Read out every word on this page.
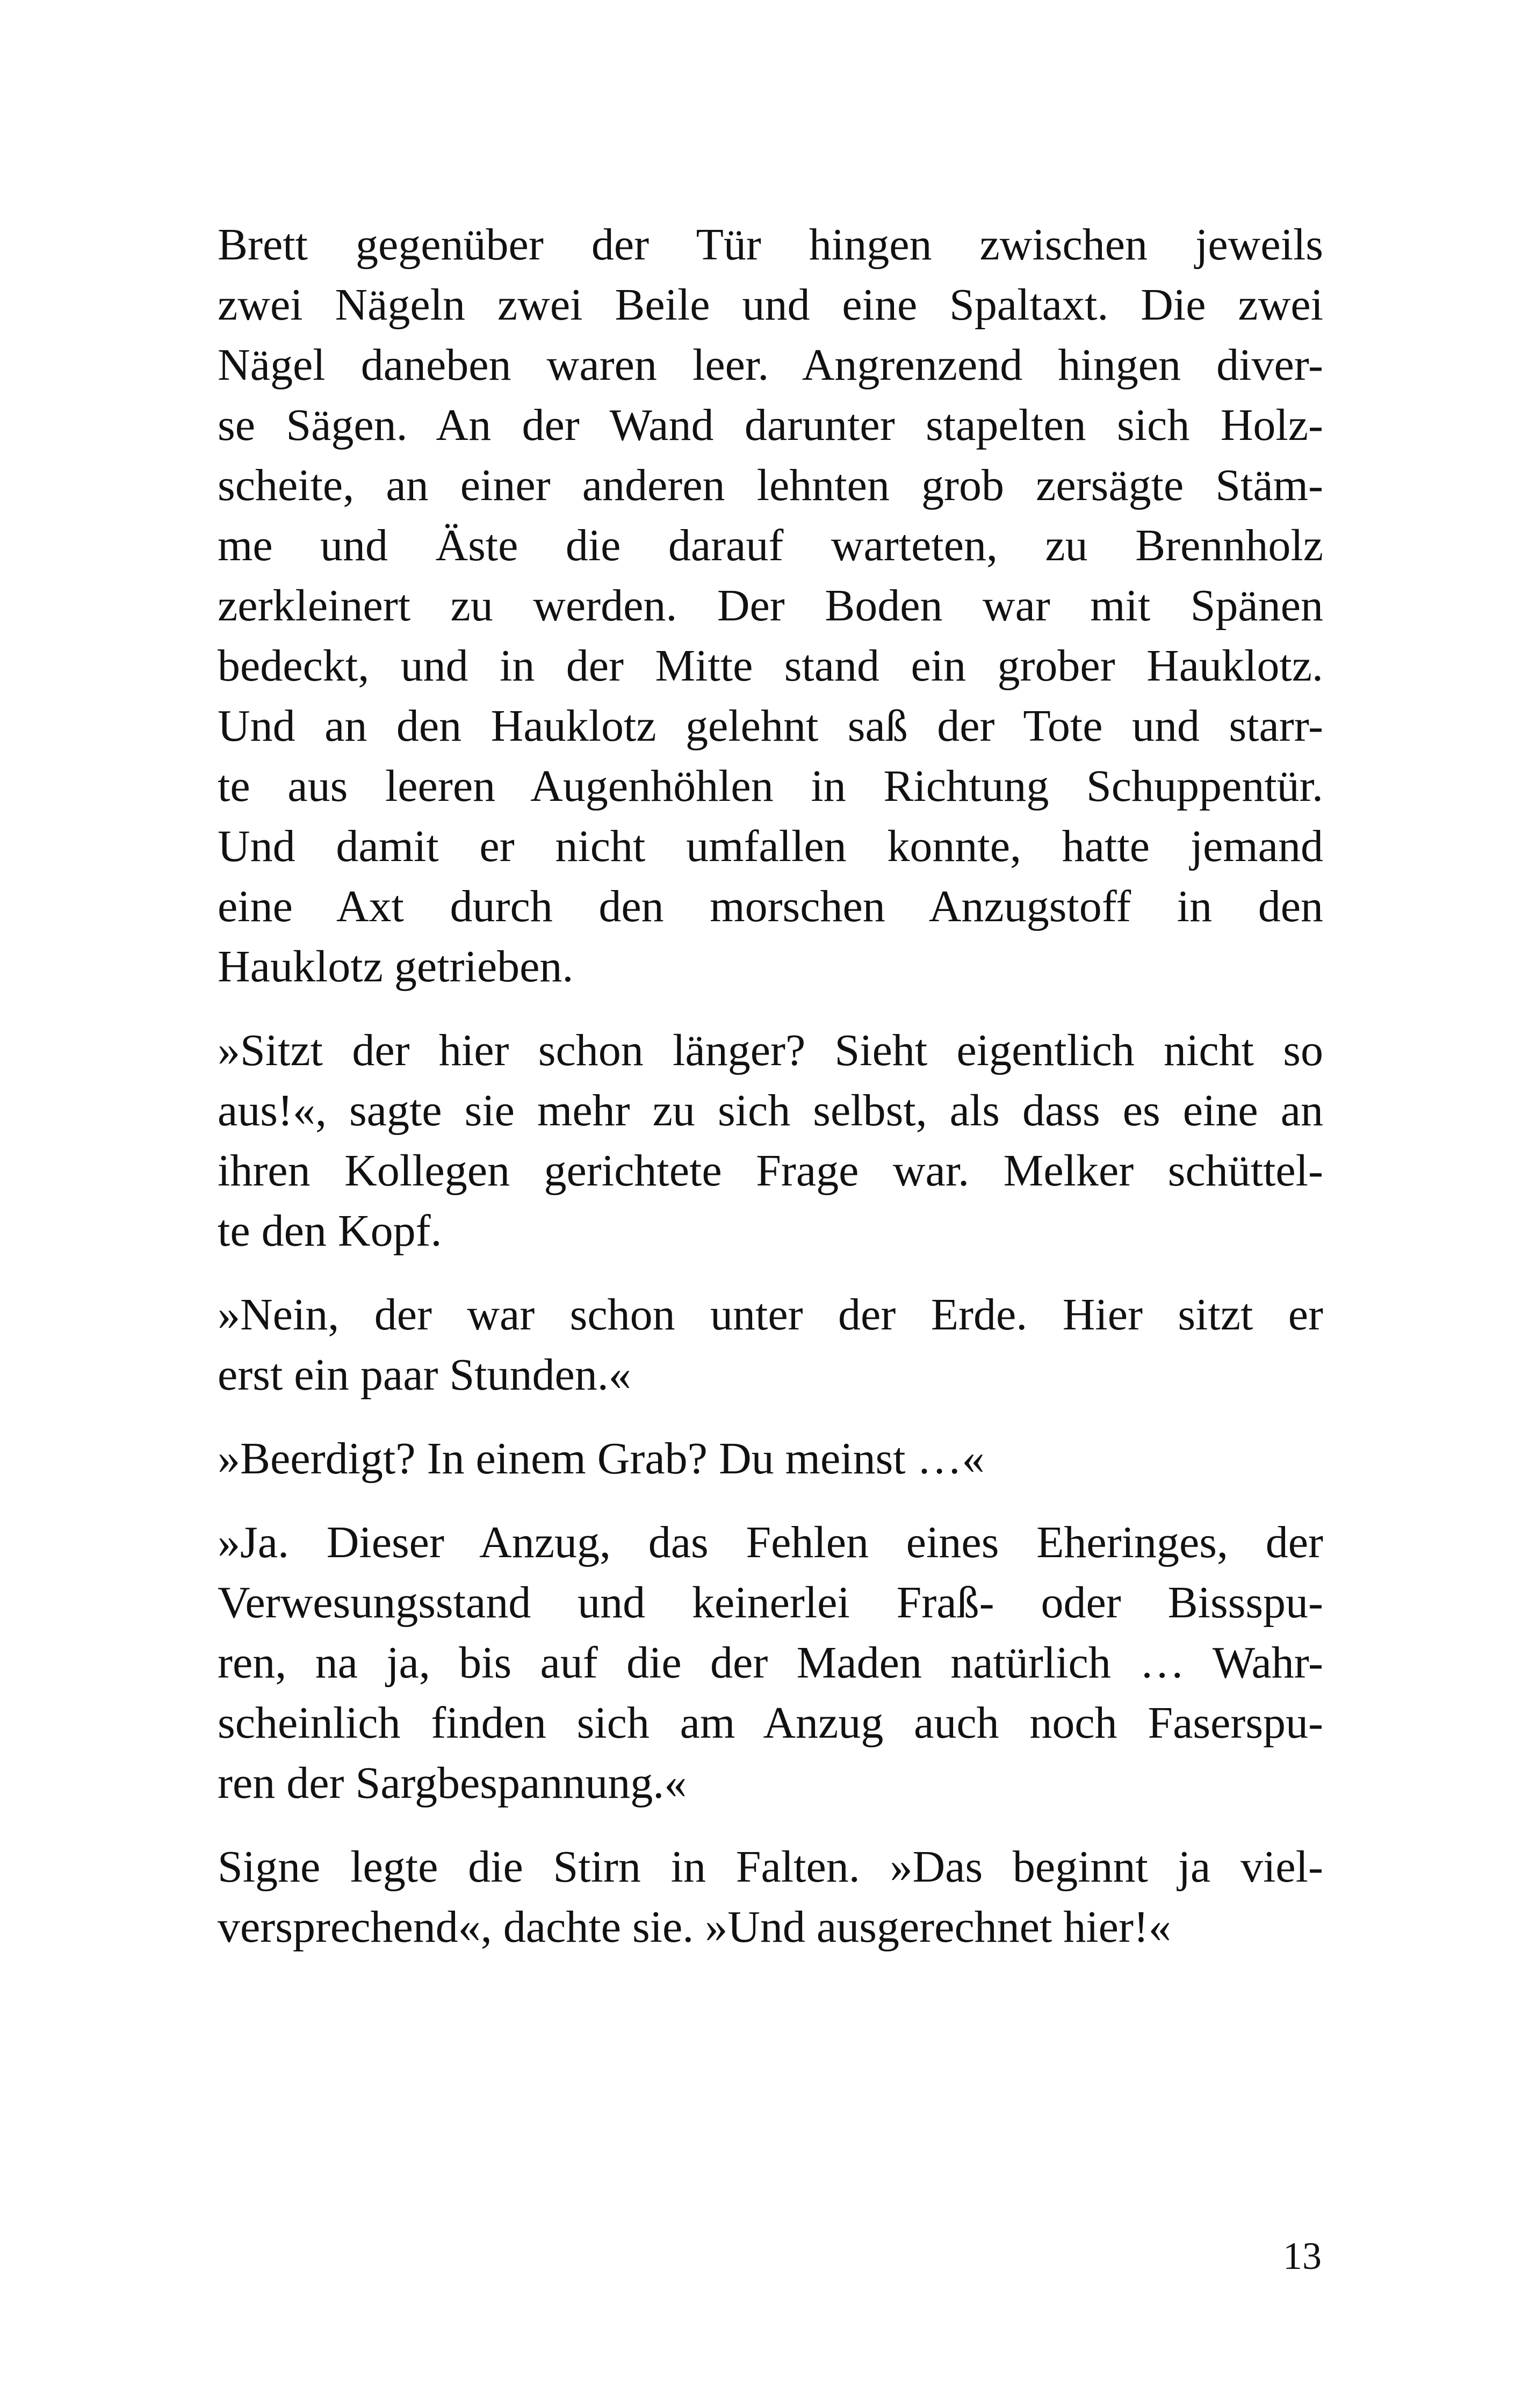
Brett gegenüber der Tür hingen zwischen jeweils
zwei Nägeln zwei Beile und eine Spaltaxt. Die zwei
Nägel daneben waren leer. Angrenzend hingen diver-
se Sägen. An der Wand darunter stapelten sich Holz-
scheite, an einer anderen lehnten grob zersägte Stäm-
me und Äste die darauf warteten, zu Brennholz
zerkleinert zu werden. Der Boden war mit Spänen
bedeckt, und in der Mitte stand ein grober Hauklotz.
Und an den Hauklotz gelehnt saß der Tote und starr-
te aus leeren Augenhöhlen in Richtung Schuppentür.
Und damit er nicht umfallen konnte, hatte jemand
eine Axt durch den morschen Anzugstoff in den
Hauklotz getrieben.
»Sitzt der hier schon länger? Sieht eigentlich nicht so
aus!«, sagte sie mehr zu sich selbst, als dass es eine an
ihren Kollegen gerichtete Frage war. Melker schüttel-
te den Kopf.
»Nein, der war schon unter der Erde. Hier sitzt er
erst ein paar Stunden.«
»Beerdigt? In einem Grab? Du meinst …«
»Ja. Dieser Anzug, das Fehlen eines Eheringes, der
Verwesungsstand und keinerlei Fraß- oder Bissspu-
ren, na ja, bis auf die der Maden natürlich … Wahr-
scheinlich finden sich am Anzug auch noch Faserspu-
ren der Sargbespannung.«
Signe legte die Stirn in Falten. »Das beginnt ja viel-
versprechend«, dachte sie. »Und ausgerechnet hier!«
13
